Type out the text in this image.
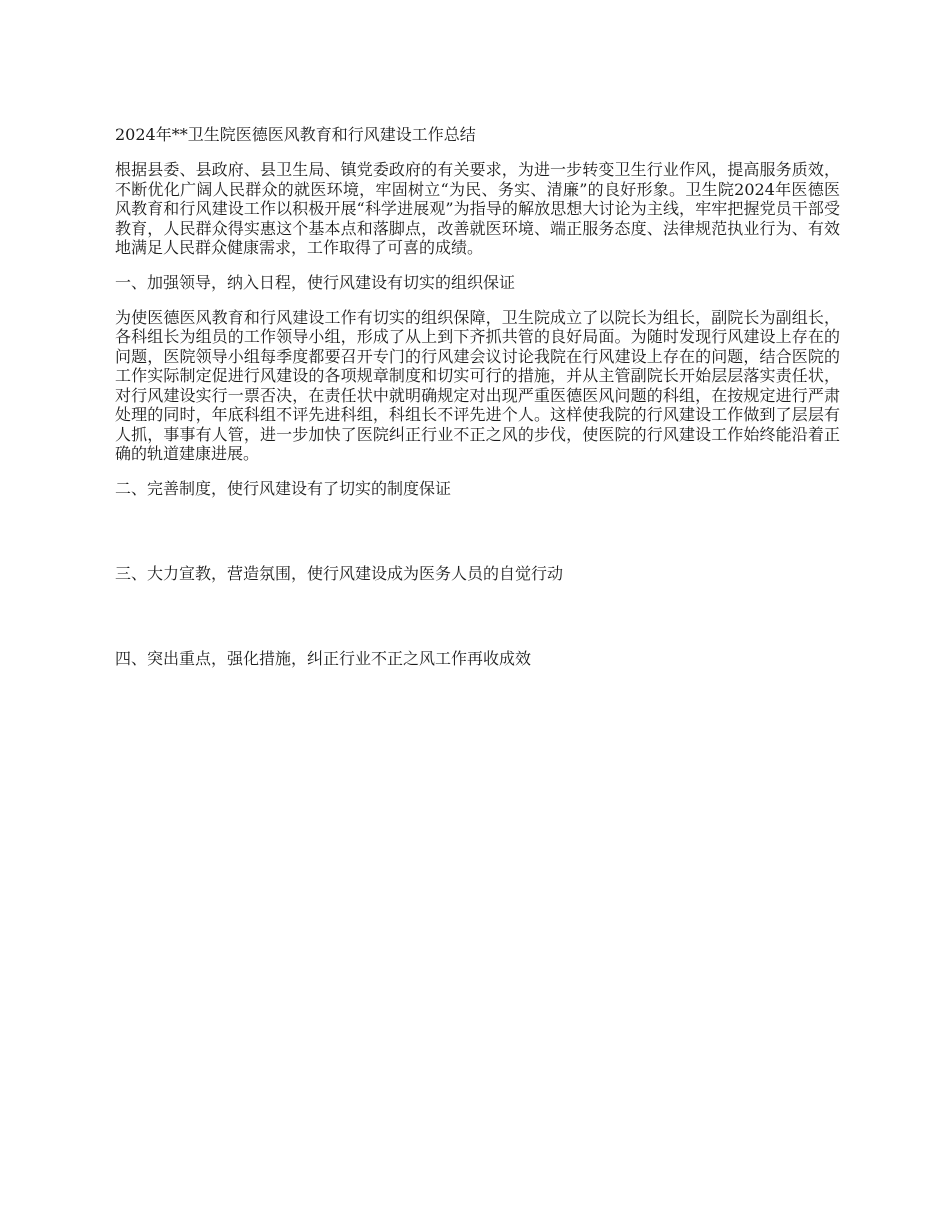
2024年**卫生院医德医风教育和行风建设工作总结
根据县委、县政府、县卫生局、镇党委政府的有关要求，为进一步转变卫生行业作风，提高服务质效，不断优化广阔人民群众的就医环境，牢固树立“为民、务实、清廉”的良好形象。卫生院2024年医德医风教育和行风建设工作以积极开展“科学进展观”为指导的解放思想大讨论为主线，牢牢把握党员干部受教育，人民群众得实惠这个基本点和落脚点，改善就医环境、端正服务态度、法律规范执业行为、有效地满足人民群众健康需求，工作取得了可喜的成绩。
一、加强领导，纳入日程，使行风建设有切实的组织保证
为使医德医风教育和行风建设工作有切实的组织保障，卫生院成立了以院长为组长，副院长为副组长，各科组长为组员的工作领导小组，形成了从上到下齐抓共管的良好局面。为随时发现行风建设上存在的问题，医院领导小组每季度都要召开专门的行风建会议讨论我院在行风建设上存在的问题，结合医院的工作实际制定促进行风建设的各项规章制度和切实可行的措施，并从主管副院长开始层层落实责任状，对行风建设实行一票否决，在责任状中就明确规定对出现严重医德医风问题的科组，在按规定进行严肃处理的同时，年底科组不评先进科组，科组长不评先进个人。这样使我院的行风建设工作做到了层层有人抓，事事有人管，进一步加快了医院纠正行业不正之风的步伐，使医院的行风建设工作始终能沿着正确的轨道建康进展。
二、完善制度，使行风建设有了切实的制度保证
三、大力宣教，营造氛围，使行风建设成为医务人员的自觉行动
四、突出重点，强化措施，纠正行业不正之风工作再收成效
